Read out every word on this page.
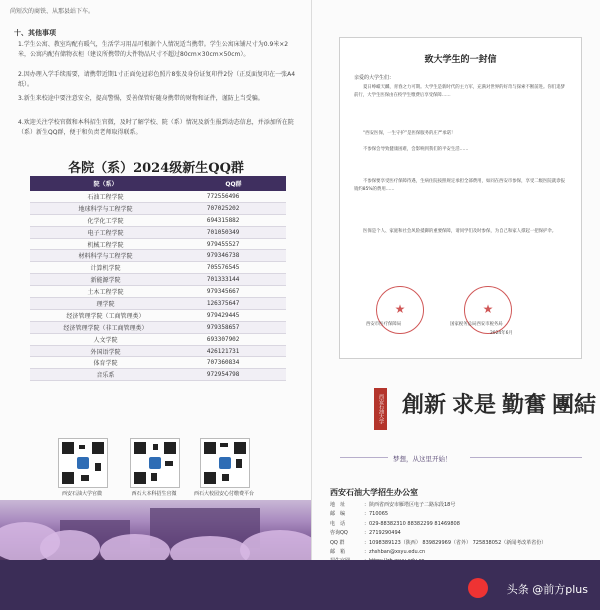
尚短次的商铁、从那县站下车。
十、其他事项
1.学生公寓、教室均配有暖气，生活学习用品可根据个人情况适当携带。学生公寓床铺尺寸为0.9米×2米，公寓内配有储物衣柜（建议所携带的大件物品尺寸不超过80cm×30cm×50cm）。
2.因办理入学手续需要，请携带近期1寸正面免冠彩色照片8张及身份证复印件2份（正反面复印在一张A4纸）。
3.新生来校途中要注意安全，提高警惕，妥善保管好随身携带的财物和证件，谨防上当受骗。
4.欢迎关注学校官微和本科招生官微，及时了解学校、院（系）情况及新生报到动态信息，并添加所在院（系）新生QQ群，便于和负责老师取得联系。
各院（系）2024级新生QQ群
院（系）	QQ群
石油工程学院	772556496
地球科学与工程学院	707025202
化学化工学院	694315882
电子工程学院	701050349
机械工程学院	979455527
材料科学与工程学院	979346738
计算机学院	705576545
新能源学院	701333144
土木工程学院	979345667
理学院	126375647
经济管理学院（工商管理类）	979429445
经济管理学院（非工商管理类）	979358657
人文学院	693307902
外国语学院	426121731
体育学院	707360834
音乐系	972954798
西安石油大学官微	西石大本科招生官微	西石大校园安心付缴费平台
致大学生的一封信
亲爱的大学生们：
夏日峥嵘天麟，青春之力可期。大学生是新时代的主力军，充满对世界的好奇与探索不断前进。你们追梦前行，大学生医保由在校学生缴费后享受保障……
“西安医保，一生守护”是医保服务的庄严承诺！
不参保会导致健康困难，会影响到我们的平安生活……
不参保要享受医疗保障待遇，生病住院按照规定承担全部费用，如同在西安市参保，享受二级医院就诊报销约85%的费用……
医保是个人、家庭和社会风险抵御的重要保障，请同学们及时参保，为自己和家人撑起一把保护伞。
★	★
西安市医疗保障局	国家税务总局西安市税务局
2024年6月
西安石油大学 創新 求是 勤奮 團結
梦想，从这里开始！
西安石油大学招生办公室
地　址	：陕西省西安市雁塔区电子二路东段18号
邮　编	：710065
电　话	：029-88382310 88382299 81469808
咨询QQ	：2719290494
QQ 群	：1098389123（陕西） 839829969（省外） 725838052（新闻考改革省份）
邮　箱	：zhshban@xsyu.edu.cn
头条 @前方plus
